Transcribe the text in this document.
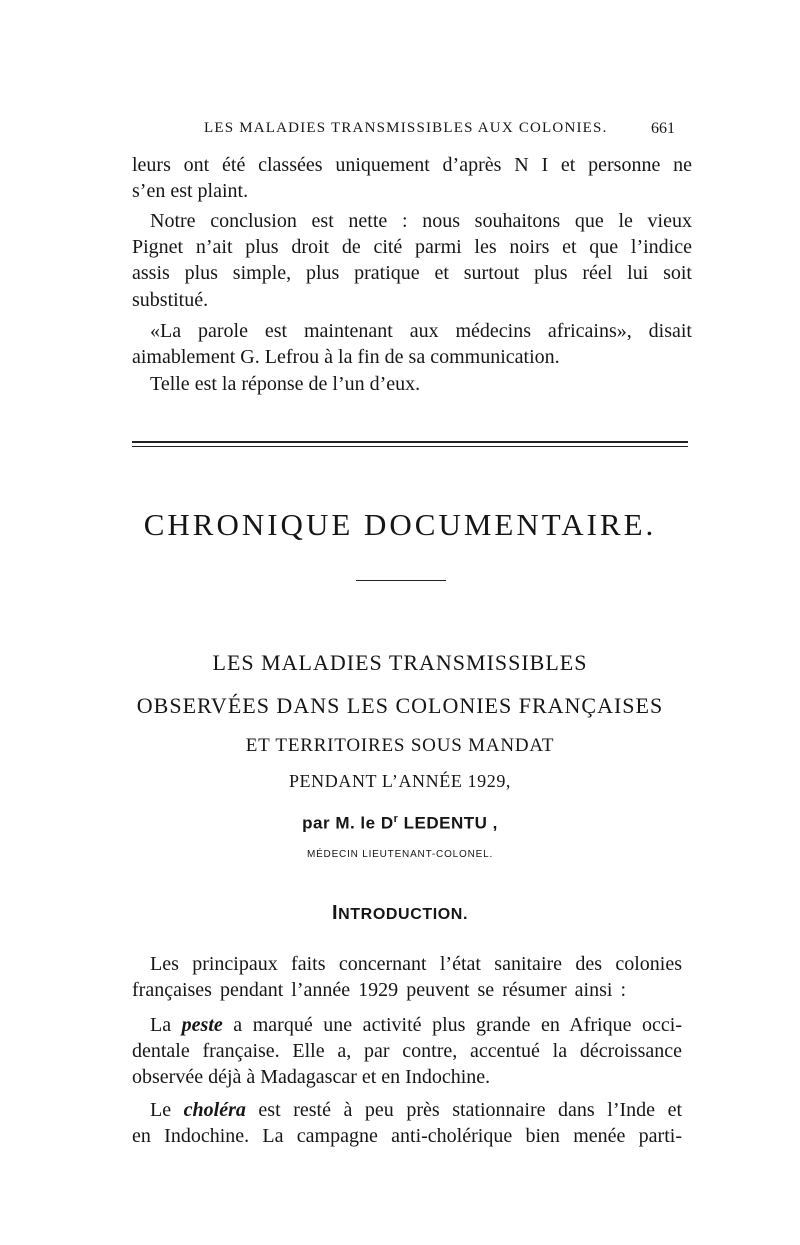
LES MALADIES TRANSMISSIBLES AUX COLONIES.	661
leurs ont été classées uniquement d’après N I et personne ne
s’en est plaint.
Notre conclusion est nette : nous souhaitons que le vieux
Pignet n’ait plus droit de cité parmi les noirs et que l’indice
assis plus simple, plus pratique et surtout plus réel lui soit
substitué.
«La parole est maintenant aux médecins africains», disait
aimablement G. Lefrou à la fin de sa communication.
Telle est la réponse de l’un d’eux.
CHRONIQUE DOCUMENTAIRE.
LES MALADIES TRANSMISSIBLES
OBSERVÉES DANS LES COLONIES FRANÇAISES
ET TERRITOIRES SOUS MANDAT
PENDANT L’ANNÉE 1929,
par M. le $D^r$ LEDENTU ,
MÉDECIN LIEUTENANT-COLONEL.
INTRODUCTION.
Les principaux faits concernant l’état sanitaire des colonies
françaises pendant l’année 1929 peuvent se résumer ainsi :
La peste a marqué une activité plus grande en Afrique occi-
dentale française. Elle a, par contre, accentué la décroissance
observée déjà à Madagascar et en Indochine.
Le choléra est resté à peu près stationnaire dans l’Inde et
en Indochine. La campagne anti-cholérique bien menée parti-
